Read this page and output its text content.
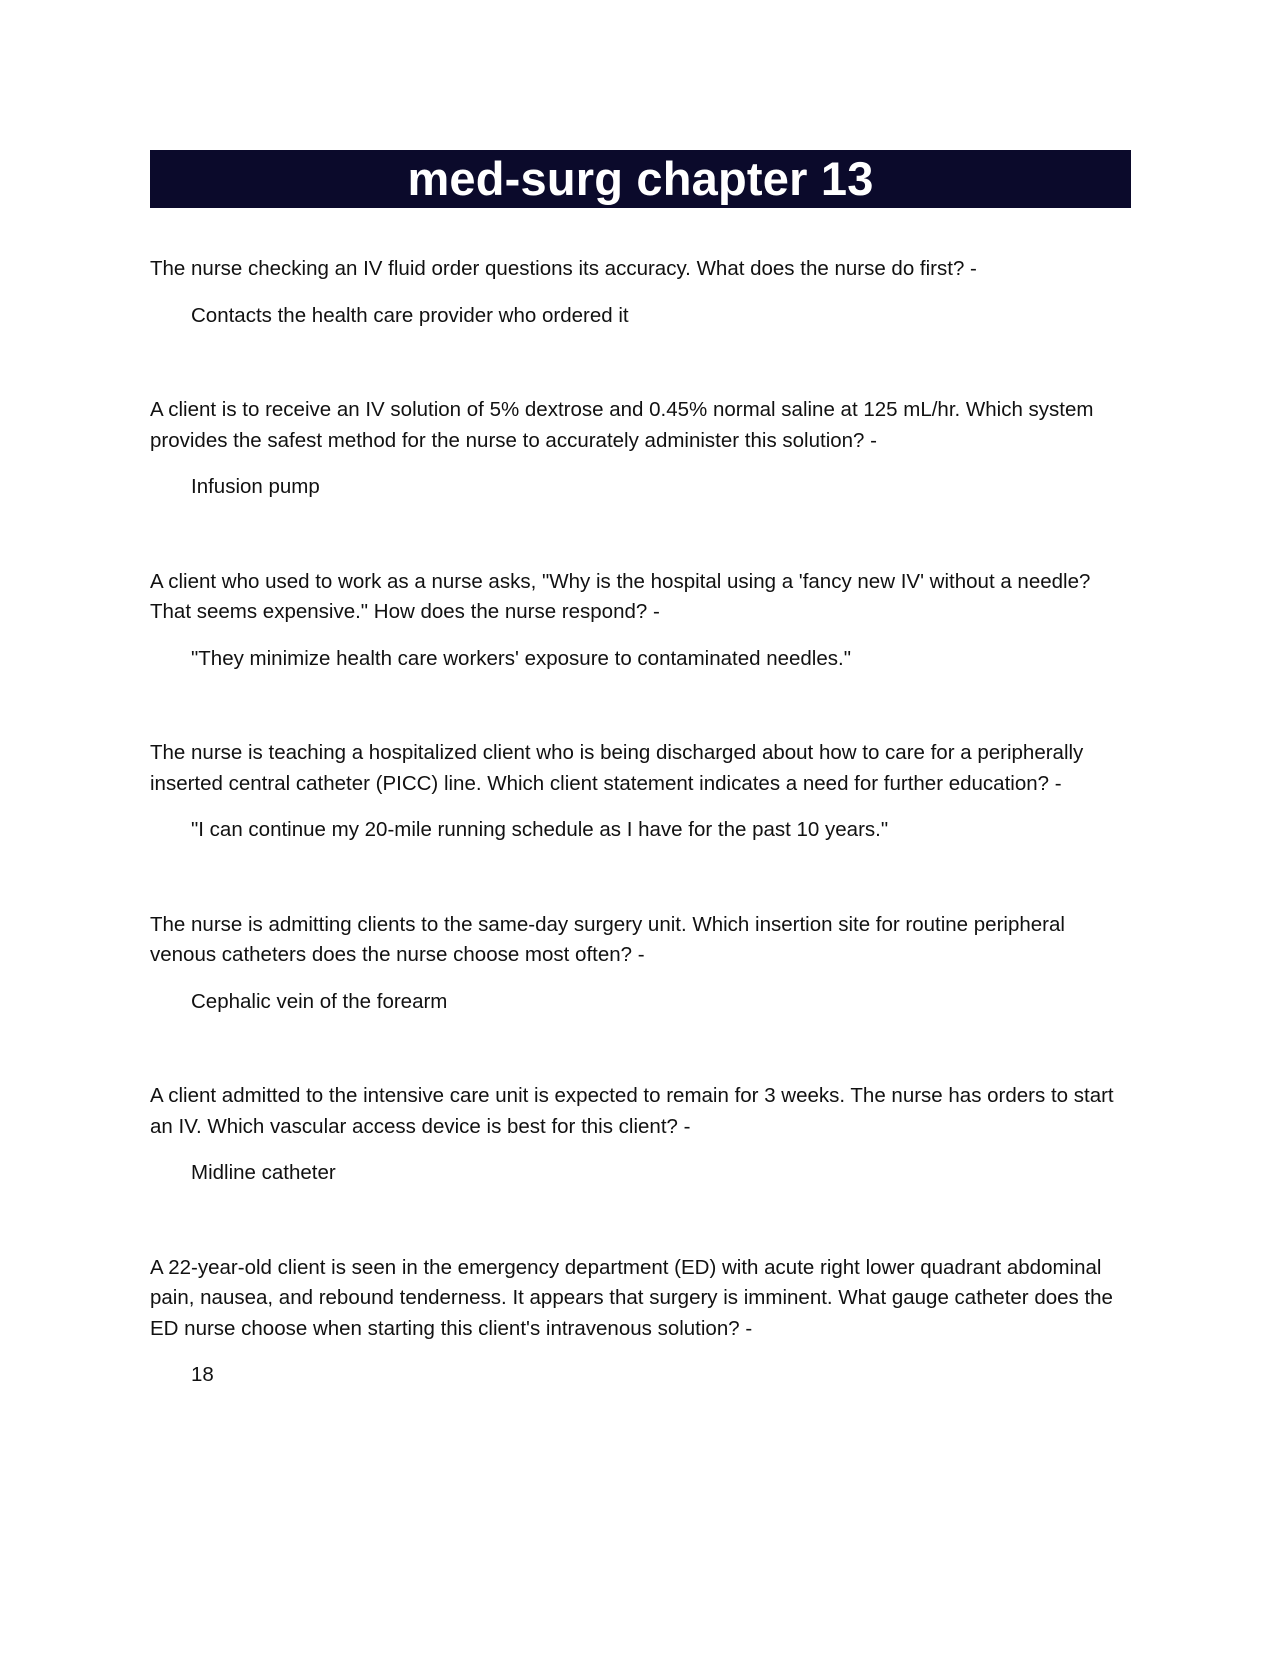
med-surg chapter 13

The nurse checking an IV fluid order questions its accuracy. What does the nurse do first? -

Contacts the health care provider who ordered it

A client is to receive an IV solution of 5% dextrose and 0.45% normal saline at 125 mL/hr. Which system provides the safest method for the nurse to accurately administer this solution? -

Infusion pump

A client who used to work as a nurse asks, "Why is the hospital using a 'fancy new IV' without a needle? That seems expensive." How does the nurse respond? -

"They minimize health care workers' exposure to contaminated needles."

The nurse is teaching a hospitalized client who is being discharged about how to care for a peripherally inserted central catheter (PICC) line. Which client statement indicates a need for further education? -

"I can continue my 20-mile running schedule as I have for the past 10 years."

The nurse is admitting clients to the same-day surgery unit. Which insertion site for routine peripheral venous catheters does the nurse choose most often? -

Cephalic vein of the forearm

A client admitted to the intensive care unit is expected to remain for 3 weeks. The nurse has orders to start an IV. Which vascular access device is best for this client? -

Midline catheter

A 22-year-old client is seen in the emergency department (ED) with acute right lower quadrant abdominal pain, nausea, and rebound tenderness. It appears that surgery is imminent. What gauge catheter does the ED nurse choose when starting this client's intravenous solution? -

18
